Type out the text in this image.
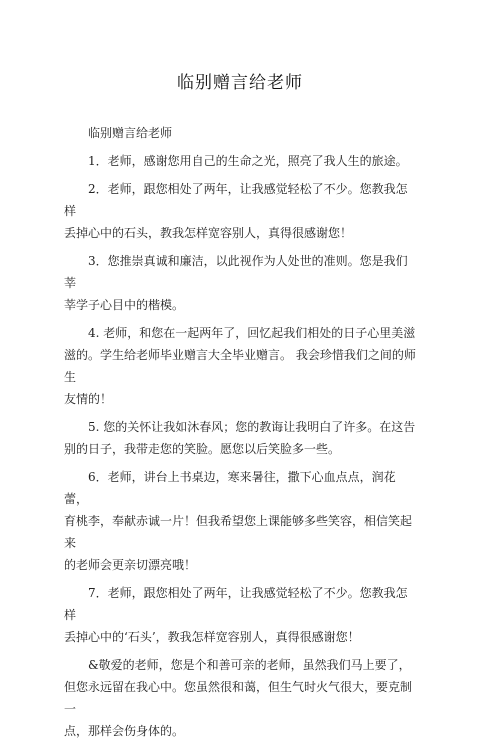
临别赠言给老师
临别赠言给老师
1．老师，感谢您用自己的生命之光，照亮了我人生的旅途。
2．老师，跟您相处了两年，让我感觉轻松了不少。您教我怎样
丢掉心中的石头，教我怎样宽容别人，真得很感谢您！
3．您推崇真诚和廉洁，以此视作为人处世的准则。您是我们莘
莘学子心目中的楷模。
4. 老师，和您在一起两年了，回忆起我们相处的日子心里美滋
滋的。学生给老师毕业赠言大全毕业赠言。 我会珍惜我们之间的师生
友情的！
5. 您的关怀让我如沐春风；您的教诲让我明白了许多。在这告
别的日子，我带走您的笑脸。愿您以后笑脸多一些。
6．老师，讲台上书桌边，寒来暑往，撒下心血点点，润花蕾，
育桃李，奉献赤诚一片！但我希望您上课能够多些笑容，相信笑起来
的老师会更亲切漂亮哦！
7．老师，跟您相处了两年，让我感觉轻松了不少。您教我怎样
丢掉心中的‘石头’，教我怎样宽容别人，真得很感谢您！
&敬爱的老师，您是个和善可亲的老师，虽然我们马上要了，
但您永远留在我心中。您虽然很和蔼，但生气时火气很大，要克制一
点，那样会伤身体的。
